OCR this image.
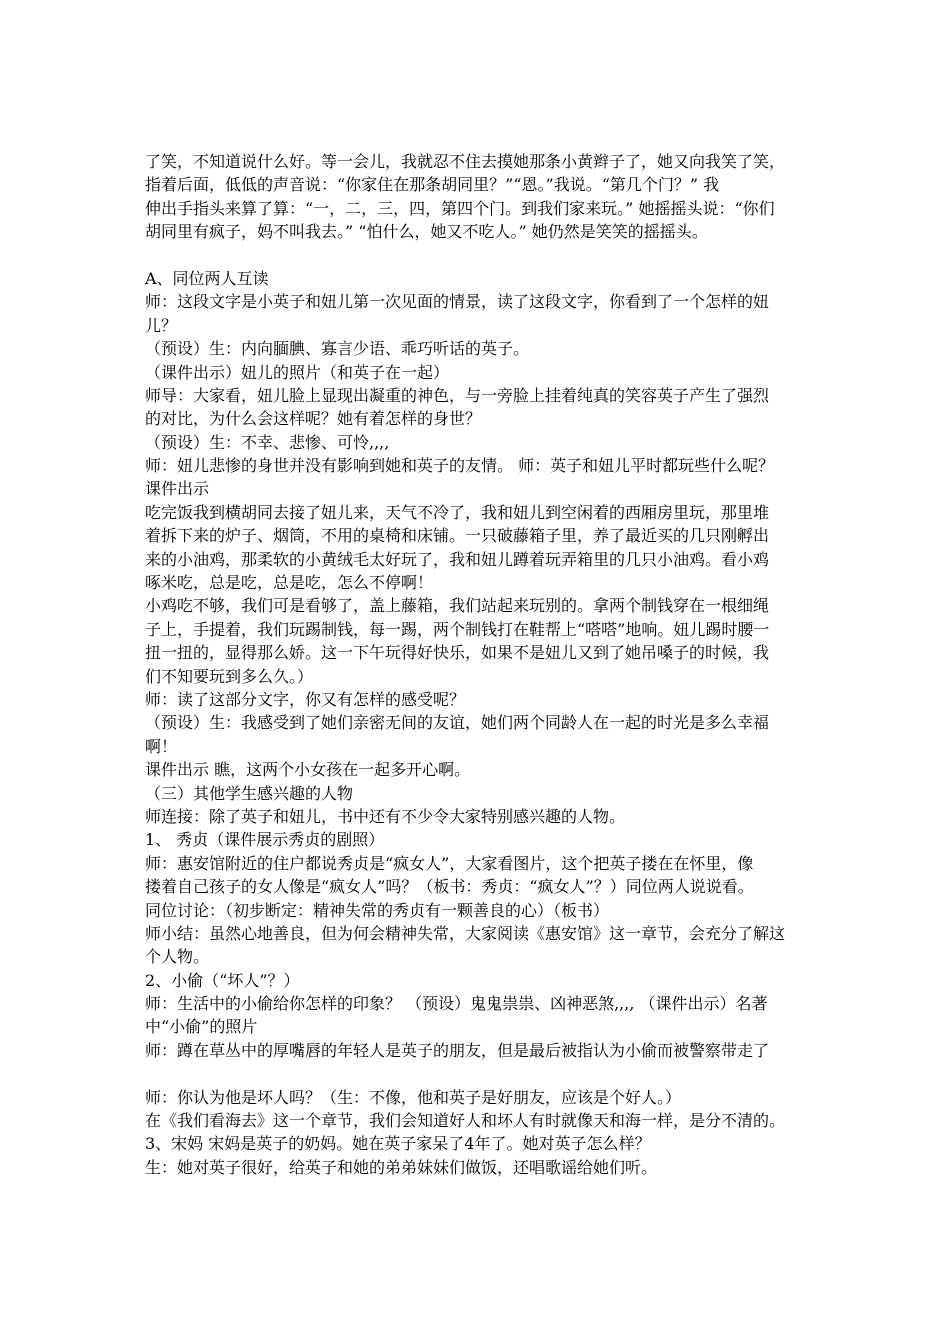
了笑，不知道说什么好。等一会儿，我就忍不住去摸她那条小黄辫子了，她又向我笑了笑，
指着后面，低低的声音说：“你家住在那条胡同里？”“恩。”我说。“第几个门？” 我
伸出手指头来算了算：“一，二，三，四，第四个门。到我们家来玩。” 她摇摇头说：“你们
胡同里有疯子，妈不叫我去。” “怕什么，她又不吃人。” 她仍然是笑笑的摇摇头。
A、同位两人互读
师：这段文字是小英子和妞儿第一次见面的情景，读了这段文字，你看到了一个怎样的妞
儿？
（预设）生：内向腼腆、寡言少语、乖巧听话的英子。
（课件出示）妞儿的照片（和英子在一起）
师导：大家看，妞儿脸上显现出凝重的神色，与一旁脸上挂着纯真的笑容英子产生了强烈
的对比，为什么会这样呢？她有着怎样的身世？
（预设）生：不幸、悲惨、可怜,,,,
师：妞儿悲惨的身世并没有影响到她和英子的友情。 师：英子和妞儿平时都玩些什么呢？
课件出示
吃完饭我到横胡同去接了妞儿来，天气不冷了，我和妞儿到空闲着的西厢房里玩，那里堆
着拆下来的炉子、烟筒，不用的桌椅和床铺。一只破藤箱子里，养了最近买的几只刚孵出
来的小油鸡，那柔软的小黄绒毛太好玩了，我和妞儿蹲着玩弄箱里的几只小油鸡。看小鸡
啄米吃，总是吃，总是吃，怎么不停啊！
小鸡吃不够，我们可是看够了，盖上藤箱，我们站起来玩别的。拿两个制钱穿在一根细绳
子上，手提着，我们玩踢制钱，每一踢，两个制钱打在鞋帮上“嗒嗒”地响。妞儿踢时腰一
扭一扭的，显得那么娇。这一下午玩得好快乐，如果不是妞儿又到了她吊嗓子的时候，我
们不知要玩到多么久。）
师：读了这部分文字，你又有怎样的感受呢？
（预设）生：我感受到了她们亲密无间的友谊，她们两个同龄人在一起的时光是多么幸福
啊！
课件出示 瞧，这两个小女孩在一起多开心啊。
（三）其他学生感兴趣的人物
师连接：除了英子和妞儿，书中还有不少令大家特别感兴趣的人物。
1、 秀贞（课件展示秀贞的剧照）
师：惠安馆附近的住户都说秀贞是“疯女人”，大家看图片，这个把英子搂在在怀里，像
搂着自己孩子的女人像是“疯女人”吗？（板书：秀贞：“疯女人”？）同位两人说说看。
同位讨论：（初步断定：精神失常的秀贞有一颗善良的心）（板书）
师小结：虽然心地善良，但为何会精神失常，大家阅读《惠安馆》这一章节，会充分了解这
个人物。
2、小偷（“坏人”？）
师：生活中的小偷给你怎样的印象？ （预设）鬼鬼祟祟、凶神恶煞,,,, （课件出示）名著
中“小偷”的照片
师：蹲在草丛中的厚嘴唇的年轻人是英子的朋友，但是最后被指认为小偷而被警察带走了
师：你认为他是坏人吗？（生：不像，他和英子是好朋友，应该是个好人。）
在《我们看海去》这一个章节，我们会知道好人和坏人有时就像天和海一样，是分不清的。
3、宋妈 宋妈是英子的奶妈。她在英子家呆了4年了。她对英子怎么样？
生：她对英子很好，给英子和她的弟弟妹妹们做饭，还唱歌谣给她们听。
